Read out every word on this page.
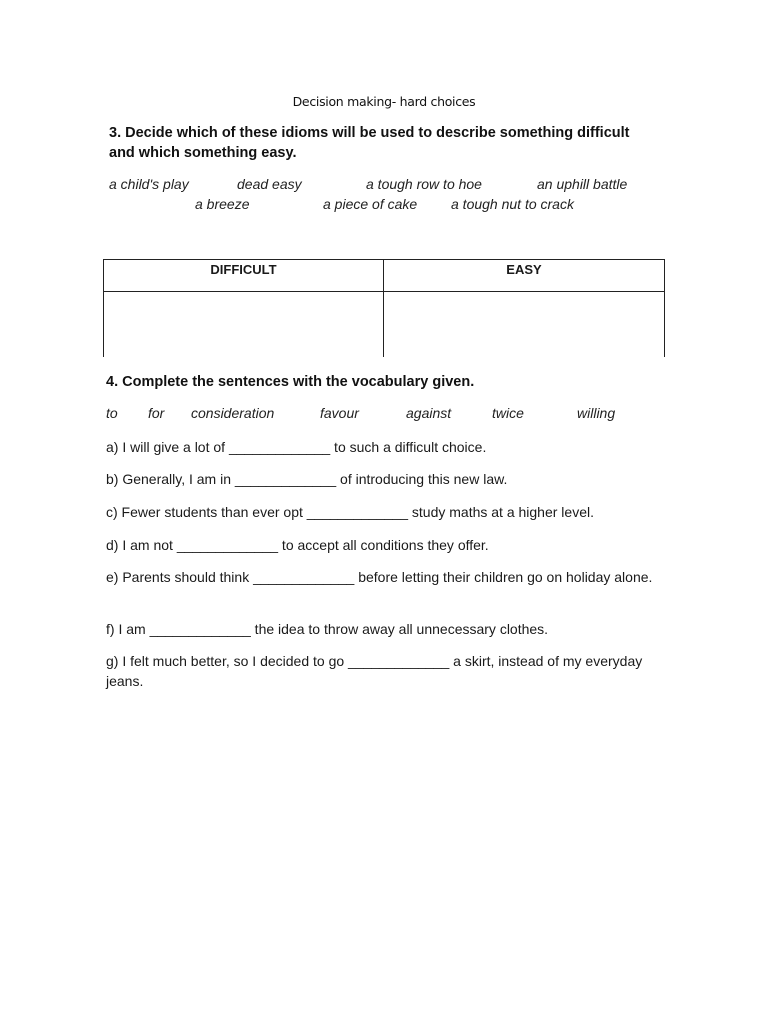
Decision making- hard choices
3. Decide which of these idioms will be used to describe something difficult
and which something easy.
a child's play	dead easy	a tough row to hoe	an uphill battle
a breeze	a piece of cake a tough nut to crack
DIFFICULT	EASY

4. Complete the sentences with the vocabulary given.
to for consideration	favour	against	twice	willing
a) I will give a lot of _____________ to such a difficult choice.
b) Generally, I am in _____________ of introducing this new law.
c) Fewer students than ever opt _____________ study maths at a higher level.
d) I am not _____________ to accept all conditions they offer.
e) Parents should think _____________ before letting their children go on holiday alone.
f) I am _____________ the idea to throw away all unnecessary clothes.
g) I felt much better, so I decided to go _____________ a skirt, instead of my everyday jeans.
